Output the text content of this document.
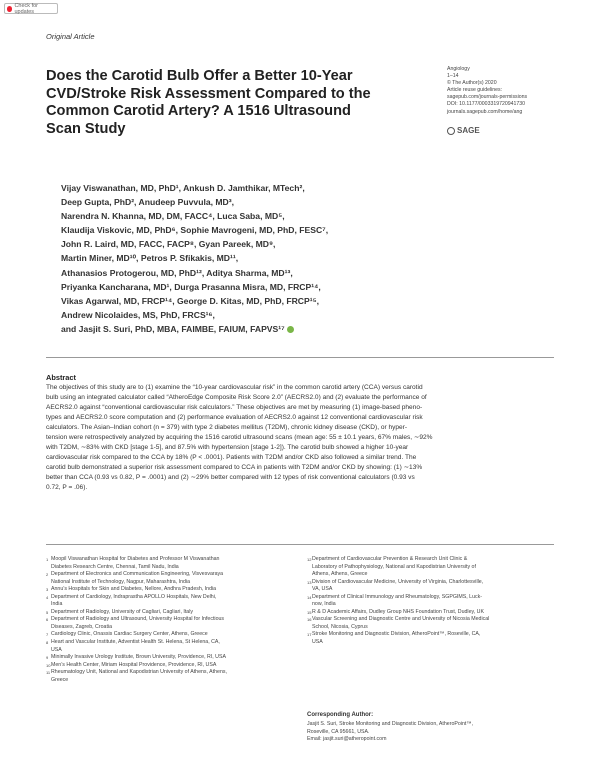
Check for updates
Original Article
Angiology
1–14
© The Author(s) 2020
Article reuse guidelines:
sagepub.com/journals-permissions
DOI: 10.1177/0003319720941730
journals.sagepub.com/home/ang
SAGE
Does the Carotid Bulb Offer a Better 10-Year
CVD/Stroke Risk Assessment Compared to the
Common Carotid Artery? A 1516 Ultrasound
Scan Study
Vijay Viswanathan, MD, PhD¹, Ankush D. Jamthikar, MTech²,
Deep Gupta, PhD², Anudeep Puvvula, MD³,
Narendra N. Khanna, MD, DM, FACC⁴, Luca Saba, MD⁵,
Klaudija Viskovic, MD, PhD⁶, Sophie Mavrogeni, MD, PhD, FESC⁷,
John R. Laird, MD, FACC, FACP⁸, Gyan Pareek, MD⁹,
Martin Miner, MD¹⁰, Petros P. Sfikakis, MD¹¹,
Athanasios Protogerou, MD, PhD¹², Aditya Sharma, MD¹³,
Priyanka Kancharana, MD¹, Durga Prasanna Misra, MD, FRCP¹⁴,
Vikas Agarwal, MD, FRCP¹⁴, George D. Kitas, MD, PhD, FRCP¹⁵,
Andrew Nicolaides, MS, PhD, FRCS¹⁶,
and Jasjit S. Suri, PhD, MBA, FAIMBE, FAIUM, FAPVS¹⁷
Abstract
The objectives of this study are to (1) examine the “10-year cardiovascular risk” in the common carotid artery (CCA) versus carotid
bulb using an integrated calculator called “AtheroEdge Composite Risk Score 2.0” (AECRS2.0) and (2) evaluate the performance of
AECRS2.0 against “conventional cardiovascular risk calculators.” These objectives are met by measuring (1) image-based pheno-
types and AECRS2.0 score computation and (2) performance evaluation of AECRS2.0 against 12 conventional cardiovascular risk
calculators. The Asian–Indian cohort (n = 379) with type 2 diabetes mellitus (T2DM), chronic kidney disease (CKD), or hyper-
tension were retrospectively analyzed by acquiring the 1516 carotid ultrasound scans (mean age: 55 ± 10.1 years, 67% males, ∼92%
with T2DM, ∼83% with CKD [stage 1-5], and 87.5% with hypertension [stage 1-2]). The carotid bulb showed a higher 10-year
cardiovascular risk compared to the CCA by 18% (P < .0001). Patients with T2DM and/or CKD also followed a similar trend. The
carotid bulb demonstrated a superior risk assessment compared to CCA in patients with T2DM and/or CKD by showing: (1) ∼13%
better than CCA (0.93 vs 0.82, P = .0001) and (2) ∼29% better compared with 12 types of risk conventional calculators (0.93 vs
0.72, P = .06).
1 Moopil Viswanathan Hospital for Diabetes and Professor M Viswanathan
Diabetes Research Centre, Chennai, Tamil Nadu, India
2 Department of Electronics and Communication Engineering, Visvesvaraya
National Institute of Technology, Nagpur, Maharashtra, India
3 Annu’s Hospitals for Skin and Diabetes, Nellore, Andhra Pradesh, India
4 Department of Cardiology, Indraprastha APOLLO Hospitals, New Delhi,
India
5 Department of Radiology, University of Cagliari, Cagliari, Italy
6 Department of Radiology and Ultrasound, University Hospital for Infectious
Diseases, Zagreb, Croatia
7 Cardiology Clinic, Onassis Cardiac Surgery Center, Athens, Greece
8 Heart and Vascular Institute, Adventist Health St. Helena, St Helena, CA,
USA
9 Minimally Invasive Urology Institute, Brown University, Providence, RI, USA
10 Men’s Health Center, Miriam Hospital Providence, Providence, RI, USA
11 Rheumatology Unit, National and Kapodistrian University of Athens, Athens,
Greece
12 Department of Cardiovascular Prevention & Research Unit Clinic &
Laboratory of Pathophysiology, National and Kapodistrian University of
Athens, Athens, Greece
13 Division of Cardiovascular Medicine, University of Virginia, Charlottesville,
VA, USA
14 Department of Clinical Immunology and Rheumatology, SGPGIMS, Luck-
now, India
15 R & D Academic Affairs, Dudley Group NHS Foundation Trust, Dudley, UK
16 Vascular Screening and Diagnostic Centre and University of Nicosia Medical
School, Nicosia, Cyprus
17 Stroke Monitoring and Diagnostic Division, AtheroPoint™, Roseville, CA,
USA
Corresponding Author:
Jasjit S. Suri, Stroke Monitoring and Diagnostic Division, AtheroPoint™,
Roseville, CA 95661, USA.
Email: jasjit.suri@atheropoint.com
